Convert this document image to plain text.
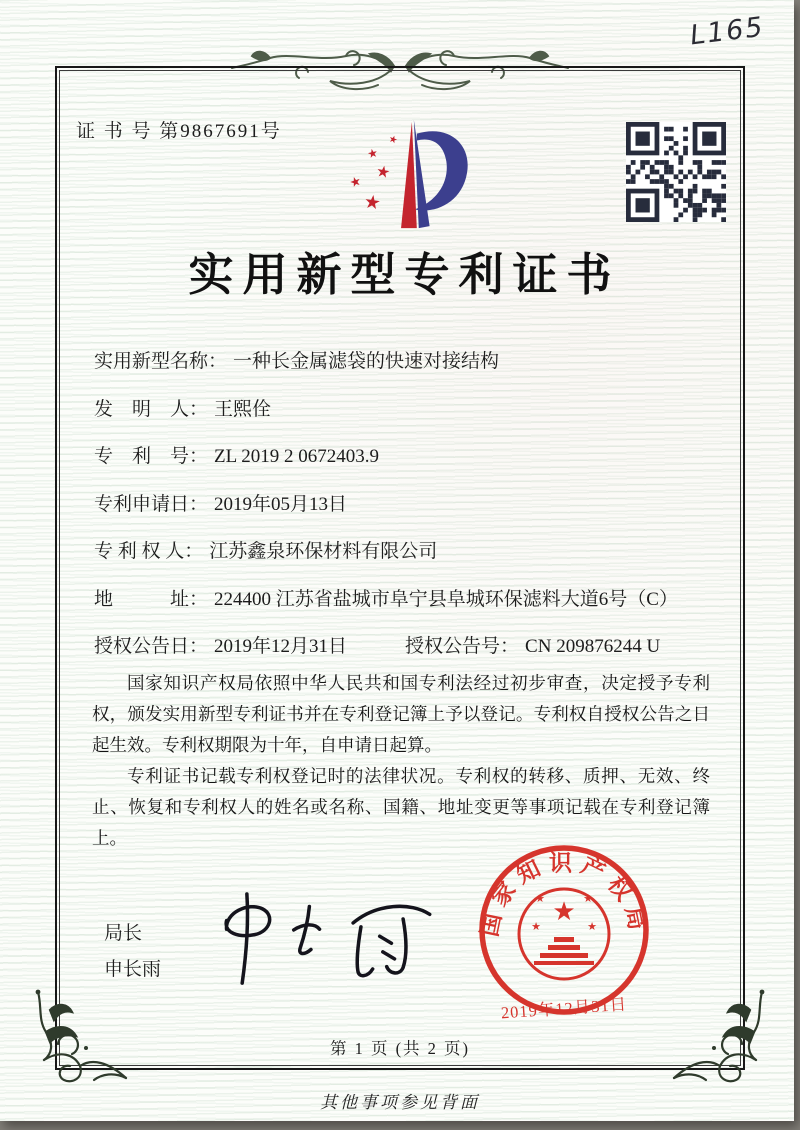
L165
证 书 号 第9867691号	★
★
★
★
★
实用新型专利证书
实用新型名称： 一种长金属滤袋的快速对接结构
发　明　人： 王熙佺
专　利　号： ZL 2019 2 0672403.9
专利申请日： 2019年05月13日
专 利 权 人： 江苏鑫泉环保材料有限公司
地　　　址： 224400 江苏省盐城市阜宁县阜城环保滤料大道6号（C）
授权公告日： 2019年12月31日	授权公告号： CN 209876244 U

国家知识产权局依照中华人民共和国专利法经过初步审查，决定授予专利权，颁发实用新型专利证书并在专利登记簿上予以登记。专利权自授权公告之日起生效。专利权期限为十年，自申请日起算。

专利证书记载专利权登记时的法律状况。专利权的转移、质押、无效、终止、恢复和专利权人的姓名或名称、国籍、地址变更等事项记载在专利登记簿上。

局长
申长雨
国家知识产权局
★
★	★
★	★
2019年12月31日
第 1 页 (共 2 页)
其他事项参见背面
